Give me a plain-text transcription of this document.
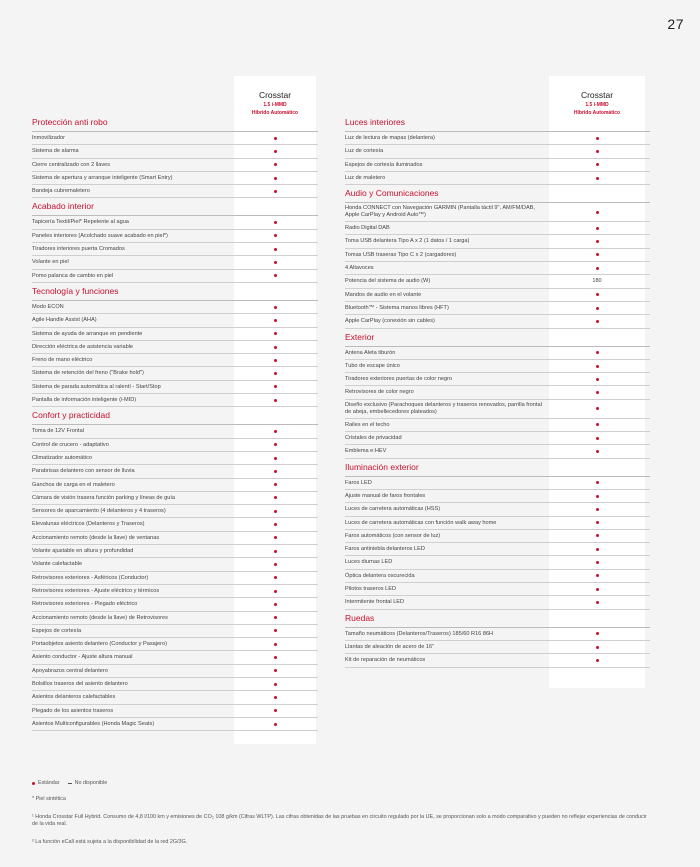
27
Crosstar
1.5 i-MMD
Híbrido Automático
Protección anti robo
Inmovilizador
Sistema de alarma
Cierre centralizado con 2 llaves
Sistema de apertura y arranque inteligente (Smart Entry)
Bandeja cubremaletero
Acabado interior
Tapicería Textil/Piel* Repelente al agua
Paneles interiores (Acolchado suave acabado en piel*)
Tiradores interiores puerta Cromados
Volante en piel
Pomo palanca de cambio en piel
Tecnología y funciones
Modo ECON
Agile Handle Assist (AHA)
Sistema de ayuda de arranque en pendiente
Dirección eléctrica de asistencia variable
Freno de mano eléctrico
Sistema de retención del freno ("Brake hold")
Sistema de parada automática al ralentí - Start/Stop
Pantalla de información inteligente (i-MID)
Confort y practicidad
Toma de 12V Frontal
Control de crucero - adaptativo
Climatizador automático
Parabrisas delantero con sensor de lluvia
Ganchos de carga en el maletero
Cámara de visión trasera función parking y líneas de guía
Sensores de aparcamiento (4 delanteros y 4 traseros)
Elevalunas eléctricos (Delanteros y Traseros)
Accionamiento remoto (desde la llave) de ventanas
Volante ajustable en altura y profundidad
Volante calefactable
Retrovisores exteriores - Asféricos (Conductor)
Retrovisores exteriores - Ajuste eléctrico y térmicos
Retrovisores exteriores - Plegado eléctrico
Accionamiento remoto (desde la llave) de Retrovisores
Espejos de cortesía
Portaobjetos asiento delantero (Conductor y Pasajero)
Asiento conductor - Ajuste altura manual
Apoyabrazos central delantero
Bolsillos traseros del asiento delantero
Asientos delanteros calefactables
Plegado de los asientos traseros
Asientos Multiconfigurables (Honda Magic Seats)
Crosstar
1.5 i-MMD
Híbrido Automático
Luces interiores
Luz de lectura de mapas (delantera)
Luz de cortesía
Espejos de cortesía iluminados
Luz de maletero
Audio y Comunicaciones
Honda CONNECT con Navegación GARMIN (Pantalla táctil 9", AM/FM/DAB, Apple CarPlay y Android Auto™)
Radio Digital DAB
Toma USB delantera Tipo A x 2 (1 datos / 1 carga)
Tomas USB traseras Tipo C x 2 (cargadores)
4 Altavoces
Potencia del sistema de audio (W)	180
Mandos de audio en el volante
Bluetooth™ - Sistema manos libres (HFT)
Apple CarPlay (conexión sin cables)
Exterior
Antena Aleta tiburón
Tubo de escape único
Tiradores exteriores puertas de color negro
Retrovisores de color negro
Diseño exclusivo (Parachoques delanteros y traseros renovados, parrilla frontal de abeja, embellecedores plateados)
Railes en el techo
Cristales de privacidad
Emblema e:HEV
Iluminación exterior
Faros LED
Ajuste manual de faros frontales
Luces de carretera automáticas (HSS)
Luces de carretera automáticas con función walk away home
Faros automáticos (con sensor de luz)
Faros antiniebla delanteros LED
Luces diurnas LED
Óptica delantera oscurecida
Pilotos traseros LED
Intermitente frontal LED
Ruedas
Tamaño neumáticos (Delanteros/Traseros) 185/60 R16 86H
Llantas de aleación de acero de 16"
Kit de reparación de neumáticos
Estándar	No disponible
* Piel sintética
¹ Honda Crosstar Full Hybrid. Consumo de 4,8 l/100 km y emisiones de CO₂ 108 g/km (Cifras WLTP). Las cifras obtenidas de las pruebas en circuito regulado por la UE, se proporcionan solo a modo comparativo y pueden no reflejar experiencias de conducir de la vida real.
² La función eCall está sujeta a la disponibilidad de la red 2G/3G.
